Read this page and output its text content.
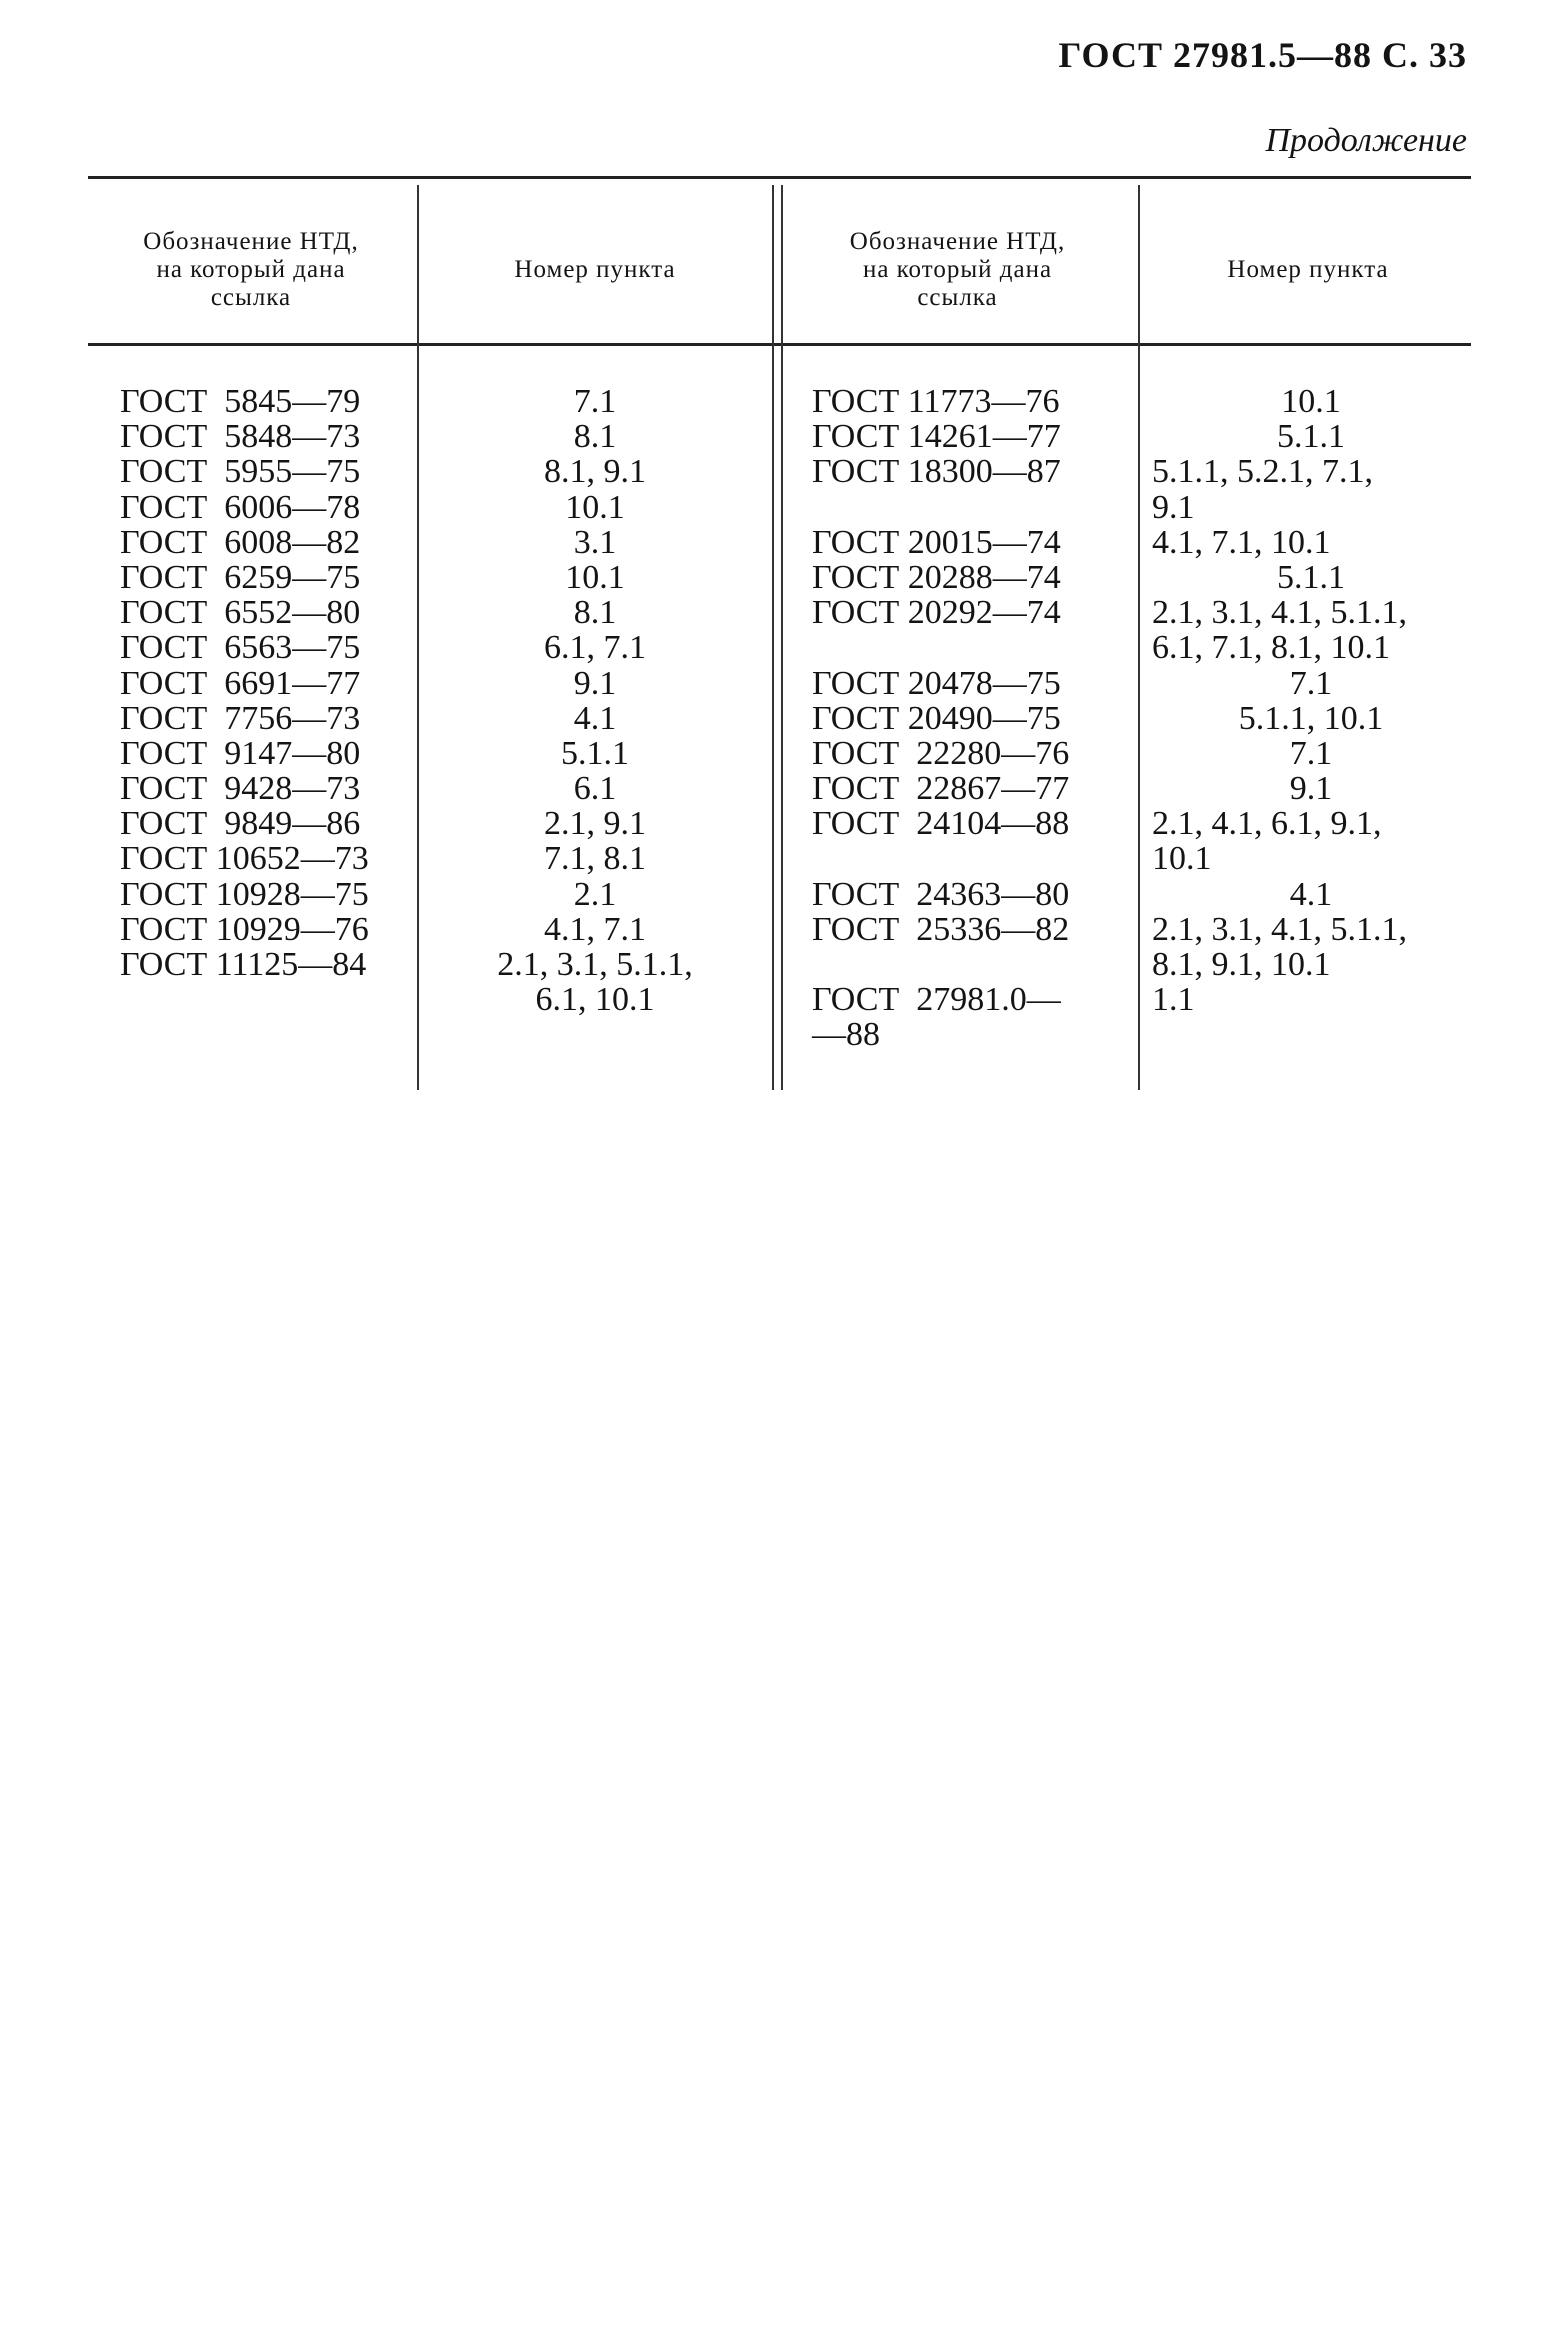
ГОСТ 27981.5—88 С. 33
Продолжение
Обозначение НТД,
на который дана
ссылка
Номер пункта
Обозначение НТД,
на который дана
ссылка
Номер пункта
ГОСТ  5845—79
ГОСТ  5848—73
ГОСТ  5955—75
ГОСТ  6006—78
ГОСТ  6008—82
ГОСТ  6259—75
ГОСТ  6552—80
ГОСТ  6563—75
ГОСТ  6691—77
ГОСТ  7756—73
ГОСТ  9147—80
ГОСТ  9428—73
ГОСТ  9849—86
ГОСТ 10652—73
ГОСТ 10928—75
ГОСТ 10929—76
ГОСТ 11125—84
7.1
8.1
8.1, 9.1
10.1
3.1
10.1
8.1
6.1, 7.1
9.1
4.1
5.1.1
6.1
2.1, 9.1
7.1, 8.1
2.1
4.1, 7.1
2.1, 3.1, 5.1.1,
6.1, 10.1
ГОСТ 11773—76
ГОСТ 14261—77
ГОСТ 18300—87
ГОСТ 20015—74
ГОСТ 20288—74
ГОСТ 20292—74
ГОСТ 20478—75
ГОСТ 20490—75
ГОСТ  22280—76
ГОСТ  22867—77
ГОСТ  24104—88
ГОСТ  24363—80
ГОСТ  25336—82
ГОСТ  27981.0—
—88
10.1
5.1.1
5.1.1, 5.2.1, 7.1,
9.1
4.1, 7.1, 10.1
5.1.1
2.1, 3.1, 4.1, 5.1.1,
6.1, 7.1, 8.1, 10.1
7.1
5.1.1, 10.1
7.1
9.1
2.1, 4.1, 6.1, 9.1,
10.1
4.1
2.1, 3.1, 4.1, 5.1.1,
8.1, 9.1, 10.1
1.1
